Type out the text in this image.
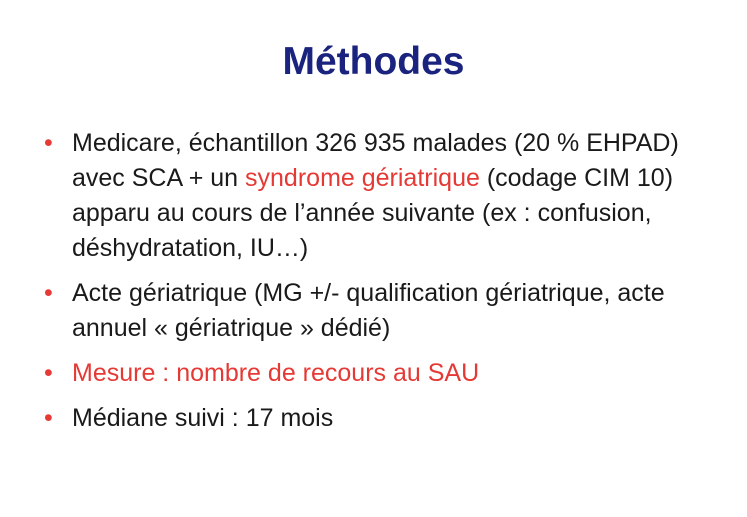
Méthodes
• Medicare, échantillon 326 935 malades (20 % EHPAD) avec SCA + un syndrome gériatrique (codage CIM 10) apparu au cours de l’année suivante (ex : confusion, déshydratation, IU…)
• Acte gériatrique (MG +/- qualification gériatrique, acte annuel « gériatrique » dédié)
• Mesure : nombre de recours au SAU
• Médiane suivi : 17 mois
